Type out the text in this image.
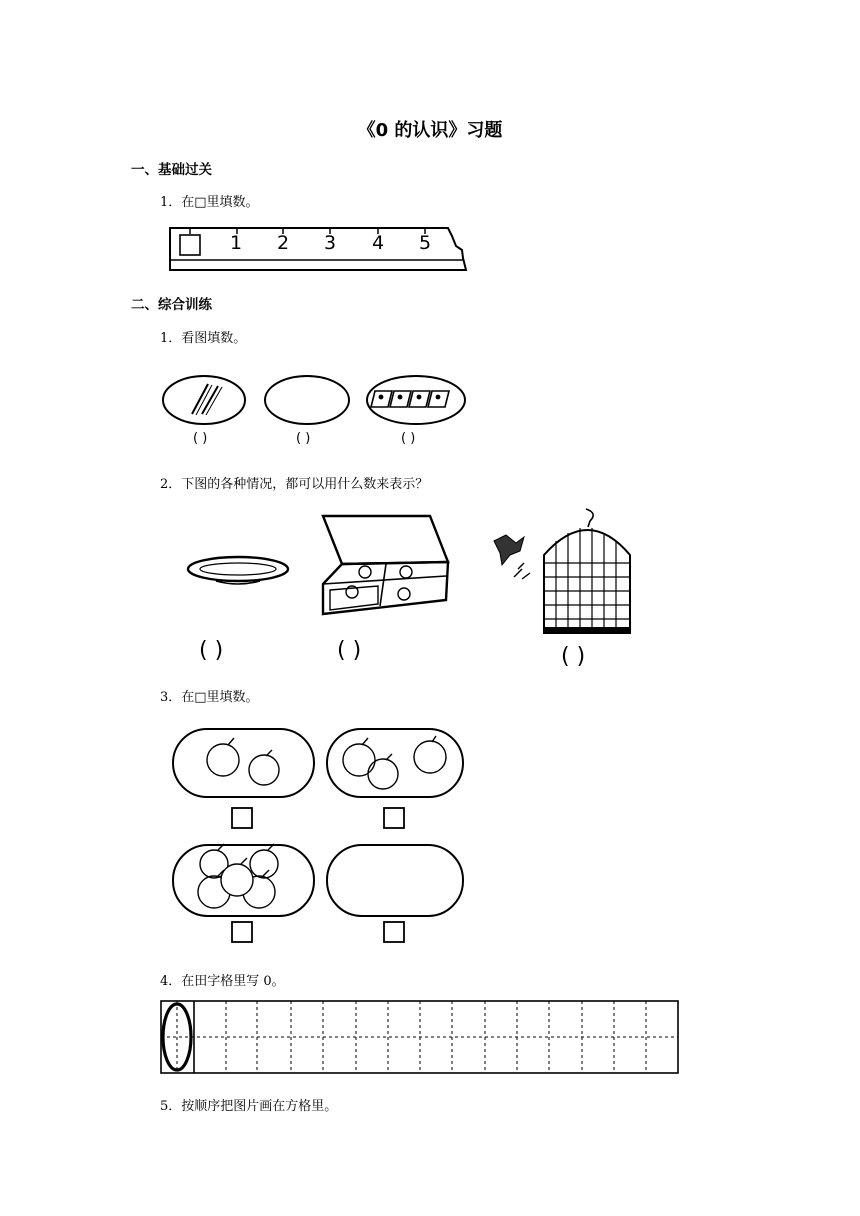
《0 的认识》习题
一、基础过关
1．在□里填数。
1 2 3 4 5
二、综合训练
1．看图填数。
( )	( )	( )
2．下图的各种情况，都可以用什么数来表示？
( )	( )	( )
3．在□里填数。
4．在田字格里写 0。
5．按顺序把图片画在方格里。
